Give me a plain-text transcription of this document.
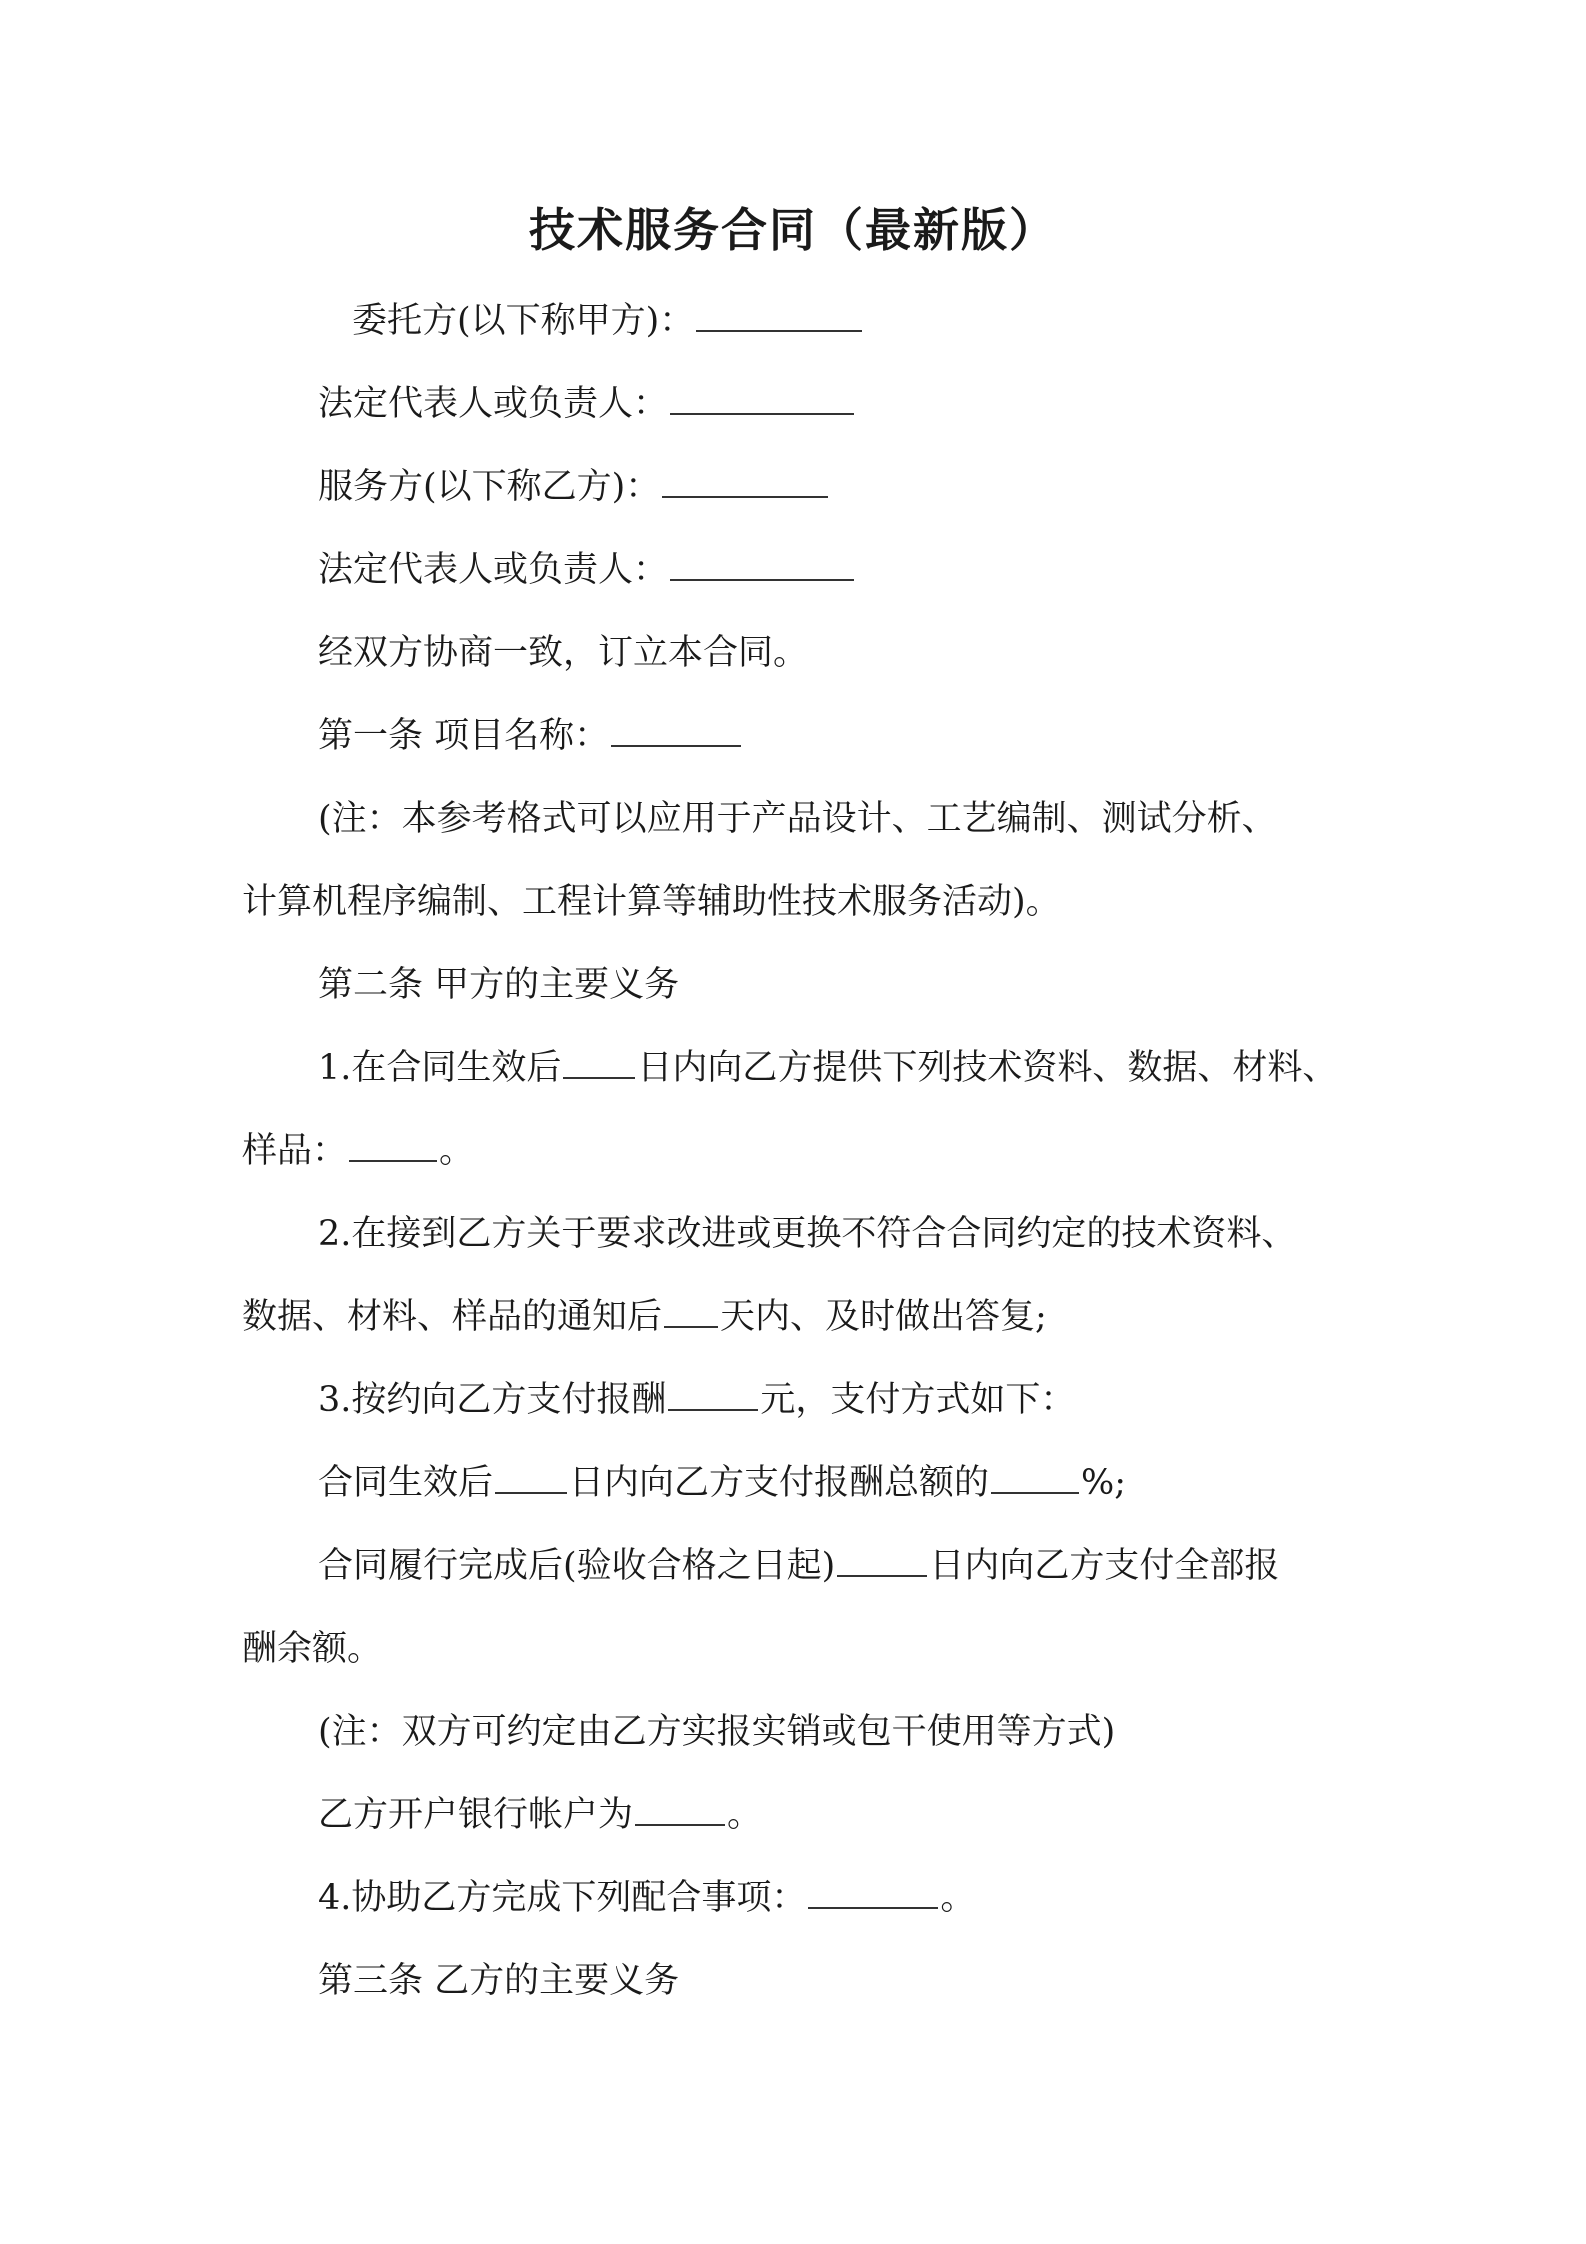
技术服务合同（最新版）
委托方(以下称甲方)：
法定代表人或负责人：
服务方(以下称乙方)：
法定代表人或负责人：
经双方协商一致，订立本合同。
第一条 项目名称：
(注：本参考格式可以应用于产品设计、工艺编制、测试分析、
计算机程序编制、工程计算等辅助性技术服务活动)。
第二条 甲方的主要义务
1.在合同生效后 日内向乙方提供下列技术资料、数据、材料、
样品：	。
2.在接到乙方关于要求改进或更换不符合合同约定的技术资料、
数据、材料、样品的通知后 天内、及时做出答复;
3.按约向乙方支付报酬	元，支付方式如下：
合同生效后 日内向乙方支付报酬总额的	%;
合同履行完成后(验收合格之日起)	日内向乙方支付全部报
酬余额。
(注：双方可约定由乙方实报实销或包干使用等方式)
乙方开户银行帐户为	。
4.协助乙方完成下列配合事项：	。
第三条 乙方的主要义务
